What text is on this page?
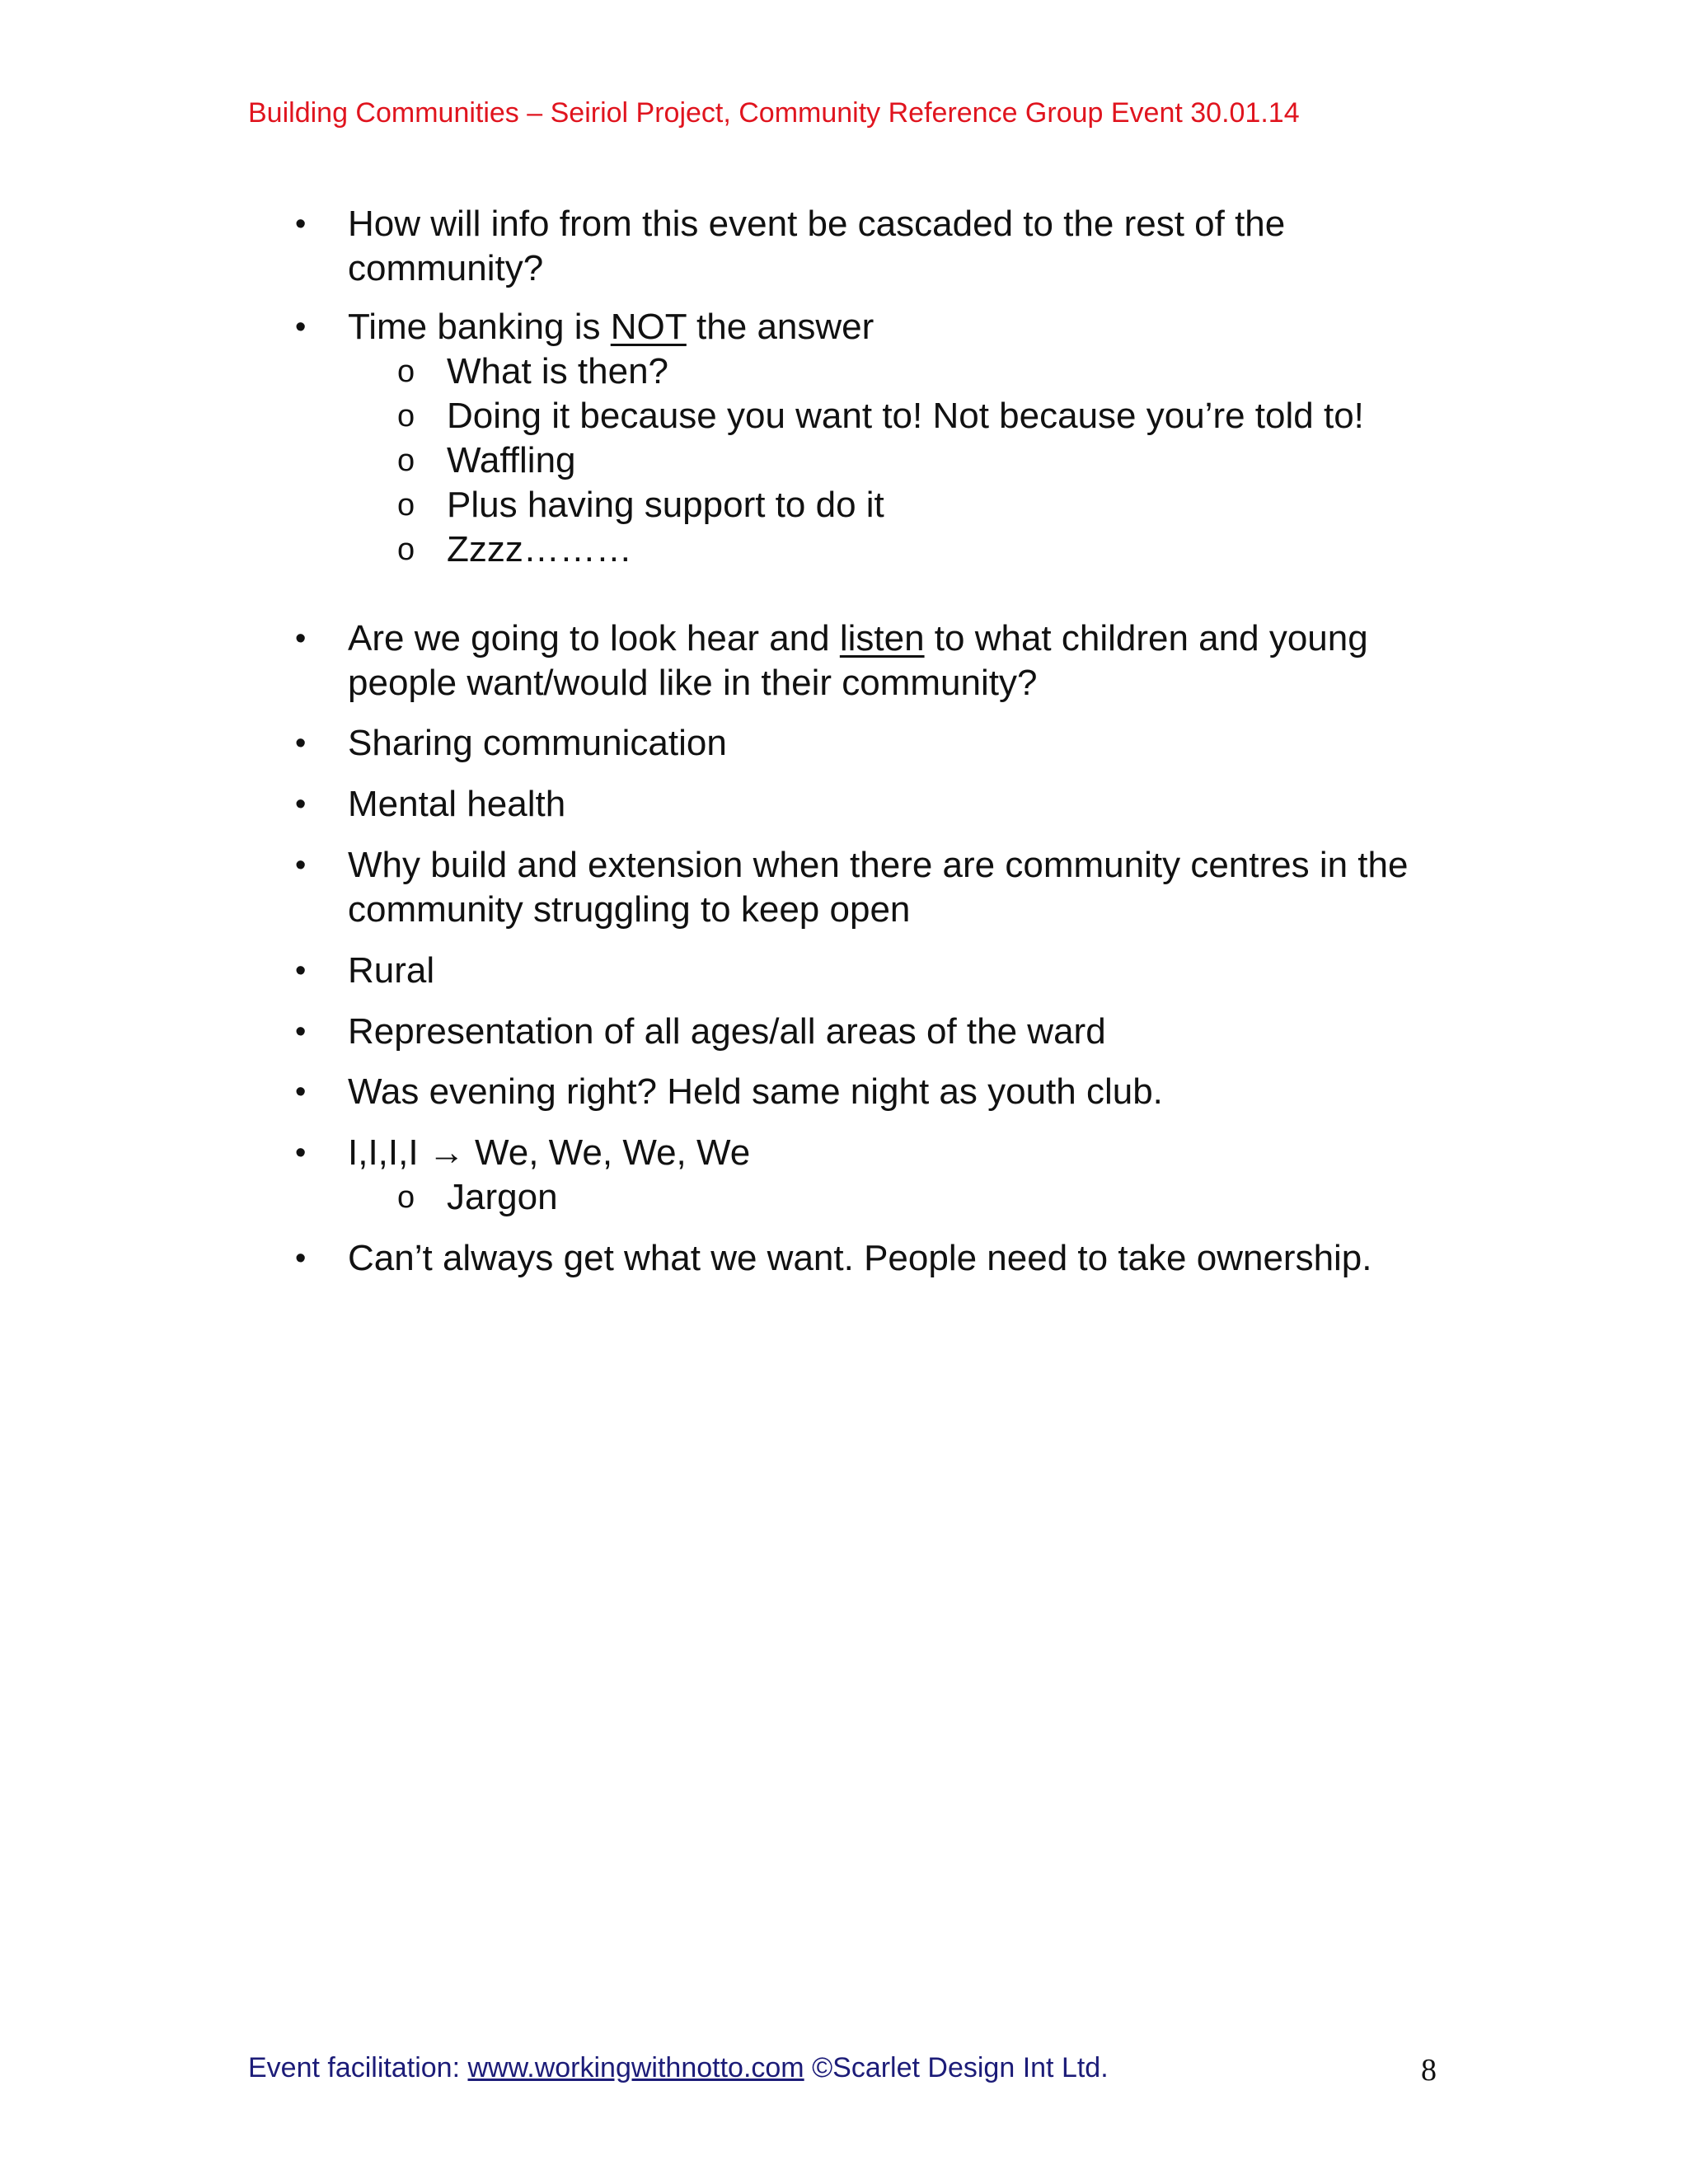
Building Communities – Seiriol Project, Community Reference Group Event 30.01.14
• How will info from this event be cascaded to the rest of the community?
• Time banking is NOT the answer
o What is then?
o Doing it because you want to! Not because you’re told to!
o Waffling
o Plus having support to do it
o Zzzz………
• Are we going to look hear and listen to what children and young people want/would like in their community?
• Sharing communication
• Mental health
• Why build and extension when there are community centres in the community struggling to keep open
• Rural
• Representation of all ages/all areas of the ward
• Was evening right? Held same night as youth club.
• I,I,I,I → We, We, We, We
o Jargon
• Can’t always get what we want. People need to take ownership.
Event facilitation: www.workingwithnotto.com ©Scarlet Design Int Ltd.	8
